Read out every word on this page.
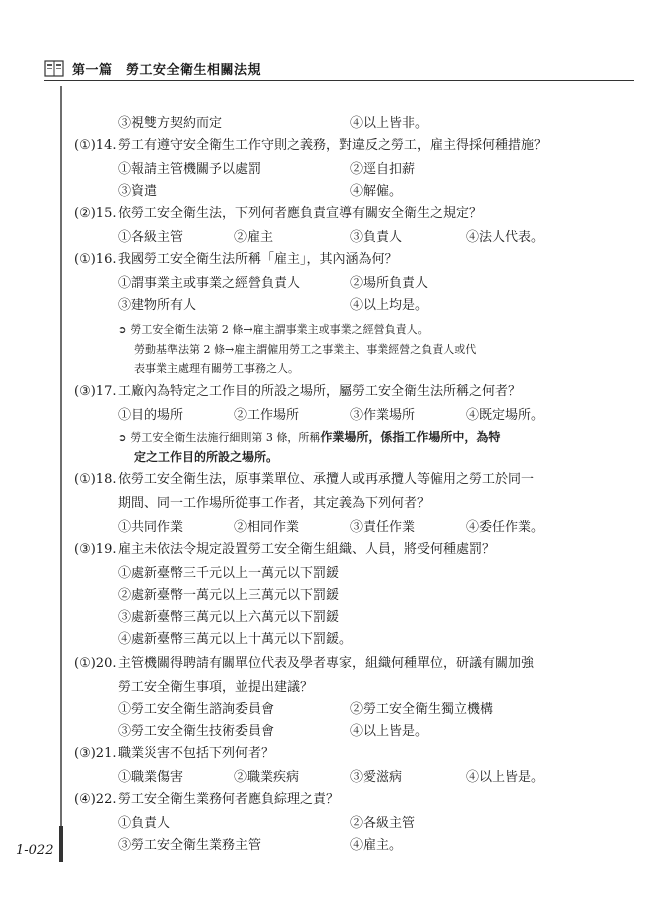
第一篇　勞工安全衛生相關法規
1-022
③視雙方契約而定	④以上皆非。
(①)14. 勞工有遵守安全衛生工作守則之義務，對違反之勞工，雇主得採何種措施？
①報請主管機關予以處罰	②逕自扣薪
③資遣	④解僱。
(②)15. 依勞工安全衛生法，下列何者應負責宣導有關安全衛生之規定？
①各級主管	②雇主	③負責人	④法人代表。
(①)16. 我國勞工安全衛生法所稱「雇主」，其內涵為何？
①謂事業主或事業之經營負責人	②場所負責人
③建物所有人	④以上均是。
➲ 勞工安全衛生法第 2 條→雇主謂事業主或事業之經營負責人。
勞動基準法第 2 條→雇主謂僱用勞工之事業主、事業經營之負責人或代
表事業主處理有關勞工事務之人。
(③)17. 工廠內為特定之工作目的所設之場所，屬勞工安全衛生法所稱之何者？
①目的場所	②工作場所	③作業場所	④既定場所。
➲ 勞工安全衛生法施行細則第 3 條，所稱作業場所，係指工作場所中，為特
定之工作目的所設之場所。
(①)18. 依勞工安全衛生法，原事業單位、承攬人或再承攬人等僱用之勞工於同一
期間、同一工作場所從事工作者，其定義為下列何者？
①共同作業	②相同作業	③責任作業	④委任作業。
(③)19. 雇主未依法令規定設置勞工安全衛生組織、人員，將受何種處罰？
①處新臺幣三千元以上一萬元以下罰鍰
②處新臺幣一萬元以上三萬元以下罰鍰
③處新臺幣三萬元以上六萬元以下罰鍰
④處新臺幣三萬元以上十萬元以下罰鍰。
(①)20. 主管機關得聘請有關單位代表及學者專家，組織何種單位，研議有關加強
勞工安全衛生事項，並提出建議？
①勞工安全衛生諮詢委員會	②勞工安全衛生獨立機構
③勞工安全衛生技術委員會	④以上皆是。
(③)21. 職業災害不包括下列何者？
①職業傷害	②職業疾病	③愛滋病	④以上皆是。
(④)22. 勞工安全衛生業務何者應負綜理之責？
①負責人	②各級主管
③勞工安全衛生業務主管	④雇主。
